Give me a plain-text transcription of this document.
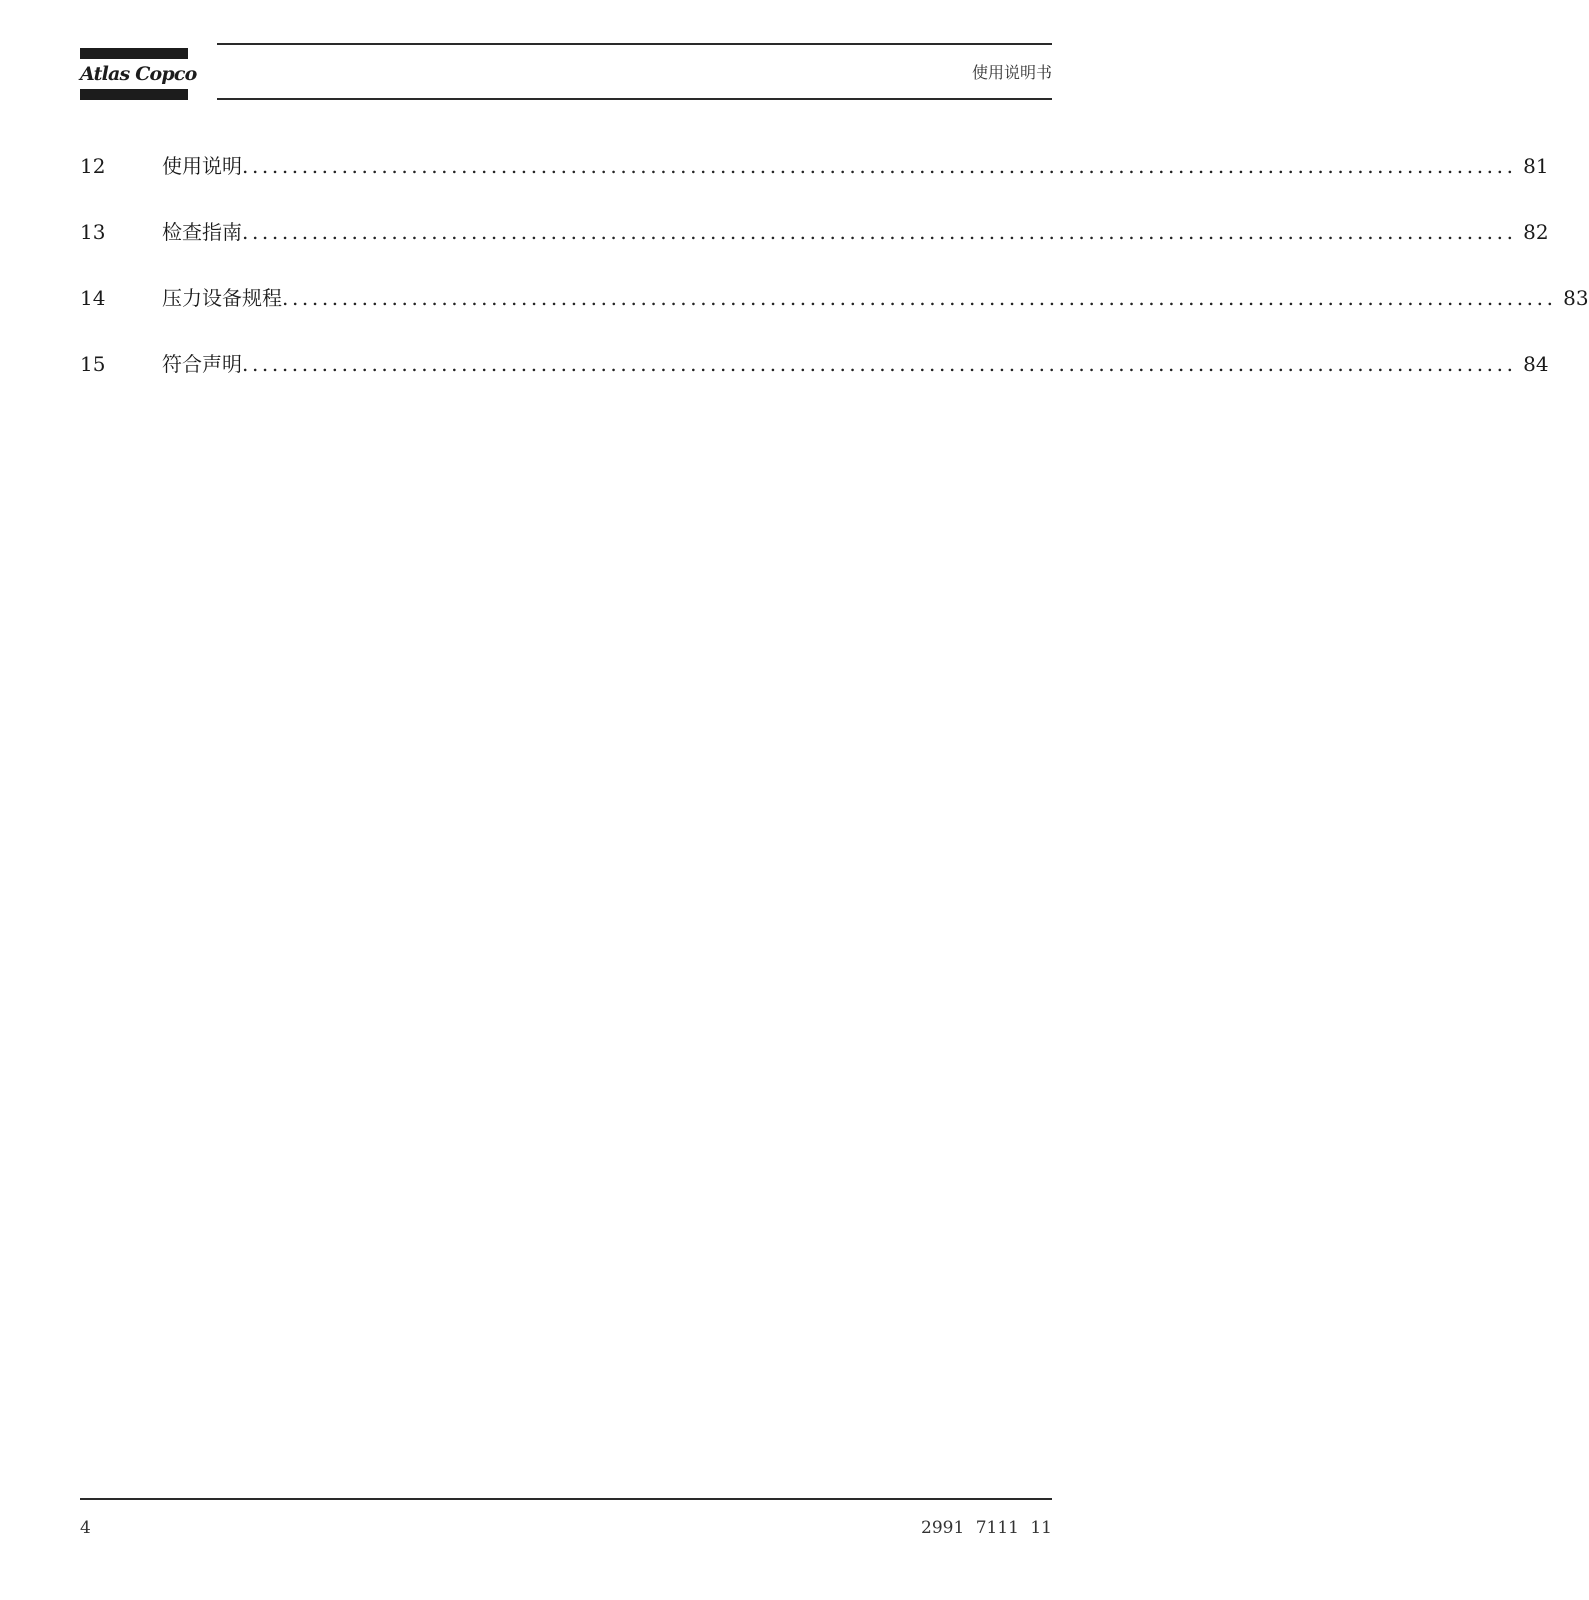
Atlas Copco	使用说明书
12	使用说明 ................................................................................................................................ 81
13	检查指南 ................................................................................................................................ 82
14	压力设备规程 ................................................................................................................................ 83
15	符合声明 ................................................................................................................................ 84
4	2991 7111 11
